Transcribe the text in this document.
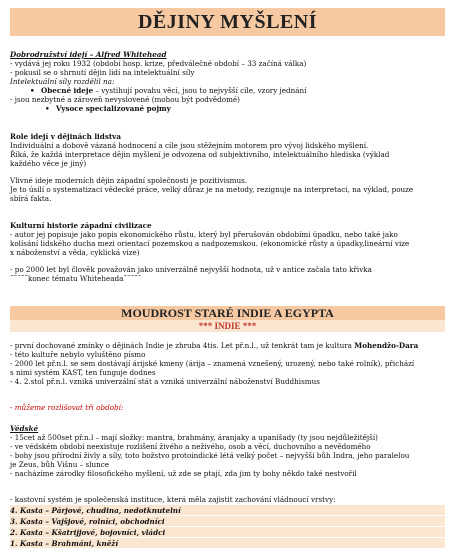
DĚJINY MYŠLENÍ
Dobrodružství idejí – Alfred Whitehead
- vydává jej roku 1932 (období hosp. krize, předválečné období – 33 začíná válka)
- pokusil se o shrnutí dějin lidí na intelektuální síly
Intelektuální síly rozdělil na:
• Obecné ideje – vystihují povahu věcí, jsou to nejvyšší cíle, vzory jednání
- jsou nezbytné a zároveň nevyslovené (mohou být podvědomé)
• Vysoce specializované pojmy
Role idejí v dějinách lidstva
Individuální a dobově vázaná hodnocení a cíle jsou stěžejním motorem pro vývoj lidského myšlení.
Říká, že každá interpretace dějin myšlení je odvozena od subjektivního, intelektuálního hlediska (výklad
každého věce je jiný)
Vlivné ideje moderních dějin západní společnosti je pozitivismus.
Je to úsilí o systematizaci vědecké práce, velký důraz je na metody, rezignuje na interpretaci, na výklad, pouze
sbírá fakta.
Kulturní historie západní civilizace
- autor jej popisuje jako popis ekonomického růstu, který byl přerušován obdobími úpadku, nebo také jako
kolísání lidského ducha mezi orientací pozemskou a nadpozemskou. (ekonomické růsty a úpadky,lineární vize
x náboženství a věda, cyklická vize)
- po 2000 let byl člověk považován jako univerzálně nejvyšší hodnota, už v antice začala tato křivka
˜˜˜˜˜konec tématu Whiteheada˜˜˜˜˜
MOUDROST STARÉ INDIE A EGYPTA
*** INDIE ***
- první dochované zmínky o dějinách Indie je zhruba 4tis. Let př.n.l., už tenkrát tam je kultura Mohendžo-Dara
- této kultuře nebylo vyluštěno písmo
- 2000 let př.n.l. se sem dostávají árijské kmeny (árija – znamená vznešený, urozený, nebo také rolník), přichází
s nimi systém KAST, ten funguje dodnes
- 4. 2.stol př.n.l. vzniká univerzální stát a vzniká univerzální náboženství Buddhismus
- můžeme rozlišovat tři období:
Védské
- 15cet až 500set př.n.l – mají složky: mantra, brahmány, áranjaky a upanišady (ty jsou nejdůležitější)
- ve védském období neexistuje rozlišení živého a neživého, osob a věcí, duchovního a nevědomého
- bohy jsou přírodní živly a síly, toto božstvo protoindické létá velký počet – nejvyšší bůh Indra, jeho paralelou
je Zeus, bůh Višnu – slunce
- nacházíme zárodky filosofického myšlení, už zde se ptají, zda jim ty bohy někdo také nestvořil
- kastovní systém je společenská instituce, která měla zajistit zachování vládnoucí vrstvy:
4. Kasta – Párjové, chudina, nedotknutelní
3. Kasta – Vajšjové, rolníci, obchodníci
2. Kasta – Kšatrijjové, bojovníci, vládci
1. Kasta – Brahmáni, kněží
